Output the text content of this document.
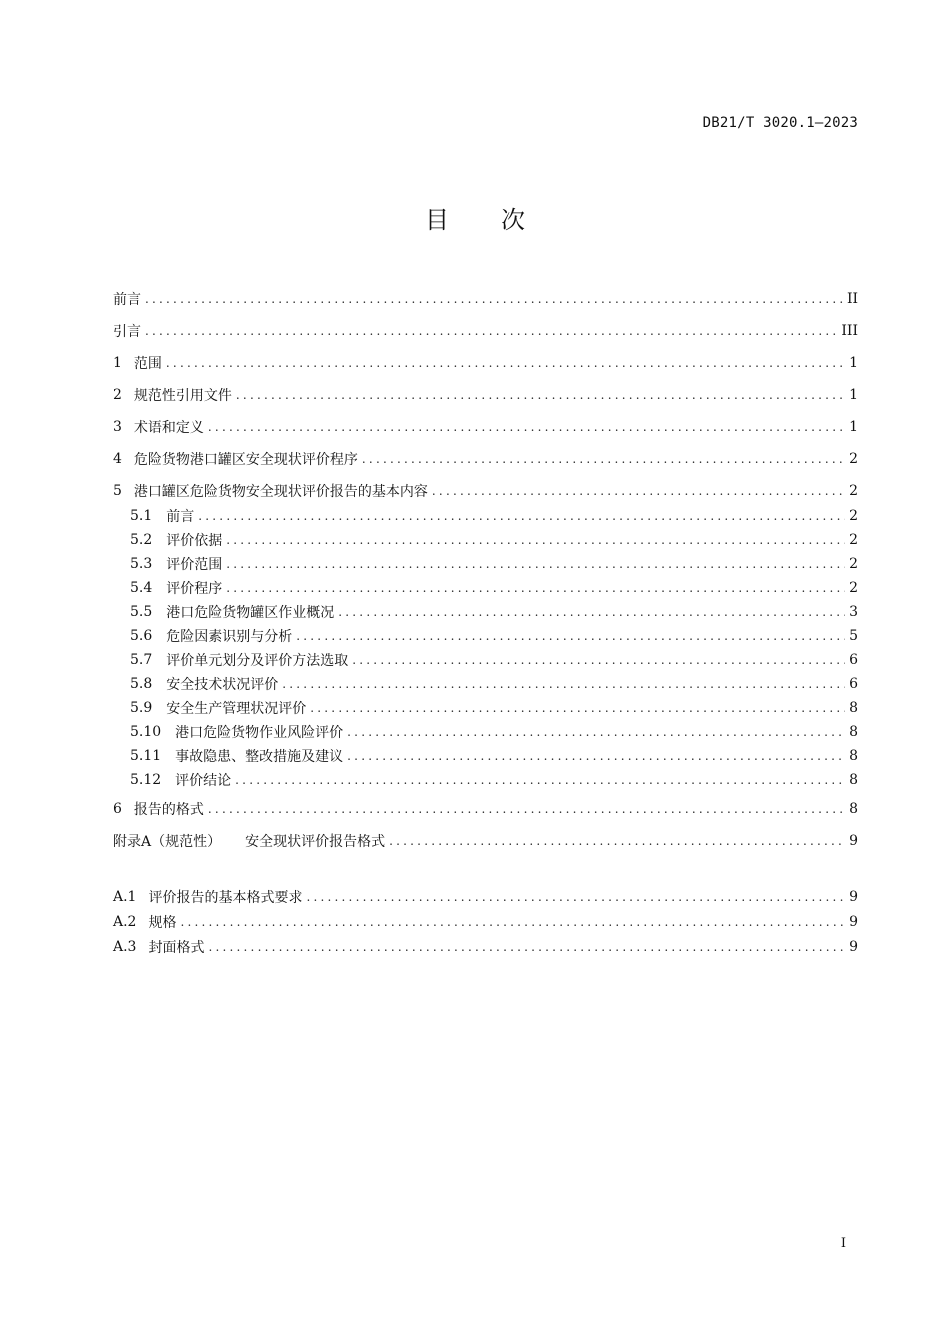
DB21/T 3020.1—2023
目次
前言 .....	II
引言 .....	III
1 范围 .....	1
2 规范性引用文件 .....	1
3 术语和定义 .....	1
4 危险货物港口罐区安全现状评价程序 .....	2
5 港口罐区危险货物安全现状评价报告的基本内容 .....	2
5.1 前言 .....	2
5.2 评价依据 .....	2
5.3 评价范围 .....	2
5.4 评价程序 .....	2
5.5 港口危险货物罐区作业概况 .....	3
5.6 危险因素识别与分析 .....	5
5.7 评价单元划分及评价方法选取 .....	6
5.8 安全技术状况评价 .....	6
5.9 安全生产管理状况评价 .....	8
5.10 港口危险货物作业风险评价 .....	8
5.11 事故隐患、整改措施及建议 .....	8
5.12 评价结论 .....	8
6 报告的格式 .....	8
附录A（规范性） 安全现状评价报告格式 .....	9
A.1 评价报告的基本格式要求 .....	9
A.2 规格 .....	9
A.3 封面格式 .....	9
I
